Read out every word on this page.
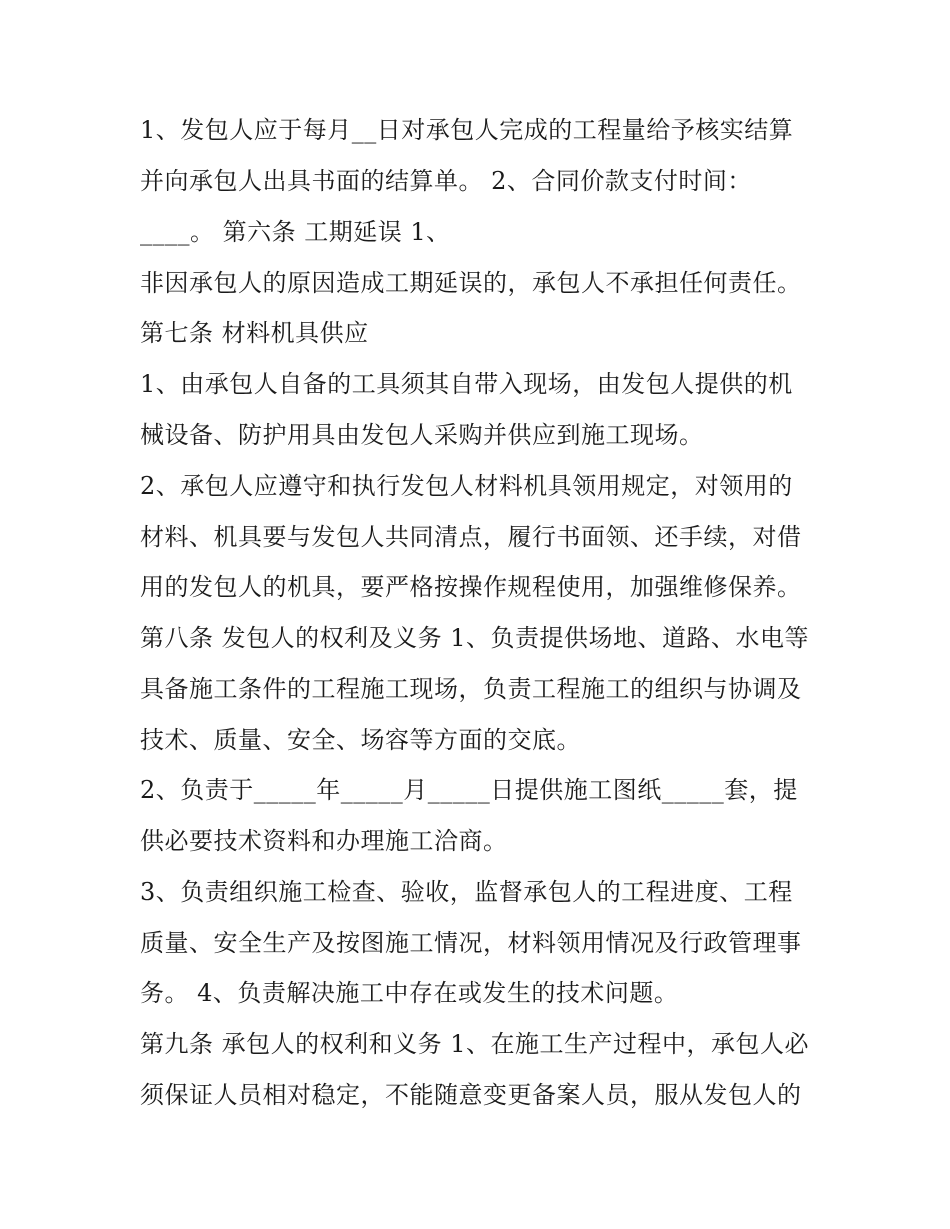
1、发包人应于每月__日对承包人完成的工程量给予核实结算
并向承包人出具书面的结算单。 2、合同价款支付时间：
____。 第六条 工期延误 1、
非因承包人的原因造成工期延误的，承包人不承担任何责任。
第七条 材料机具供应
1、由承包人自备的工具须其自带入现场，由发包人提供的机
械设备、防护用具由发包人采购并供应到施工现场。
2、承包人应遵守和执行发包人材料机具领用规定，对领用的
材料、机具要与发包人共同清点，履行书面领、还手续，对借
用的发包人的机具，要严格按操作规程使用，加强维修保养。
第八条 发包人的权利及义务 1、负责提供场地、道路、水电等
具备施工条件的工程施工现场，负责工程施工的组织与协调及
技术、质量、安全、场容等方面的交底。
2、负责于_____年_____月_____日提供施工图纸_____套，提
供必要技术资料和办理施工洽商。
3、负责组织施工检查、验收，监督承包人的工程进度、工程
质量、安全生产及按图施工情况，材料领用情况及行政管理事
务。 4、负责解决施工中存在或发生的技术问题。
第九条 承包人的权利和义务 1、在施工生产过程中，承包人必
须保证人员相对稳定，不能随意变更备案人员，服从发包人的
